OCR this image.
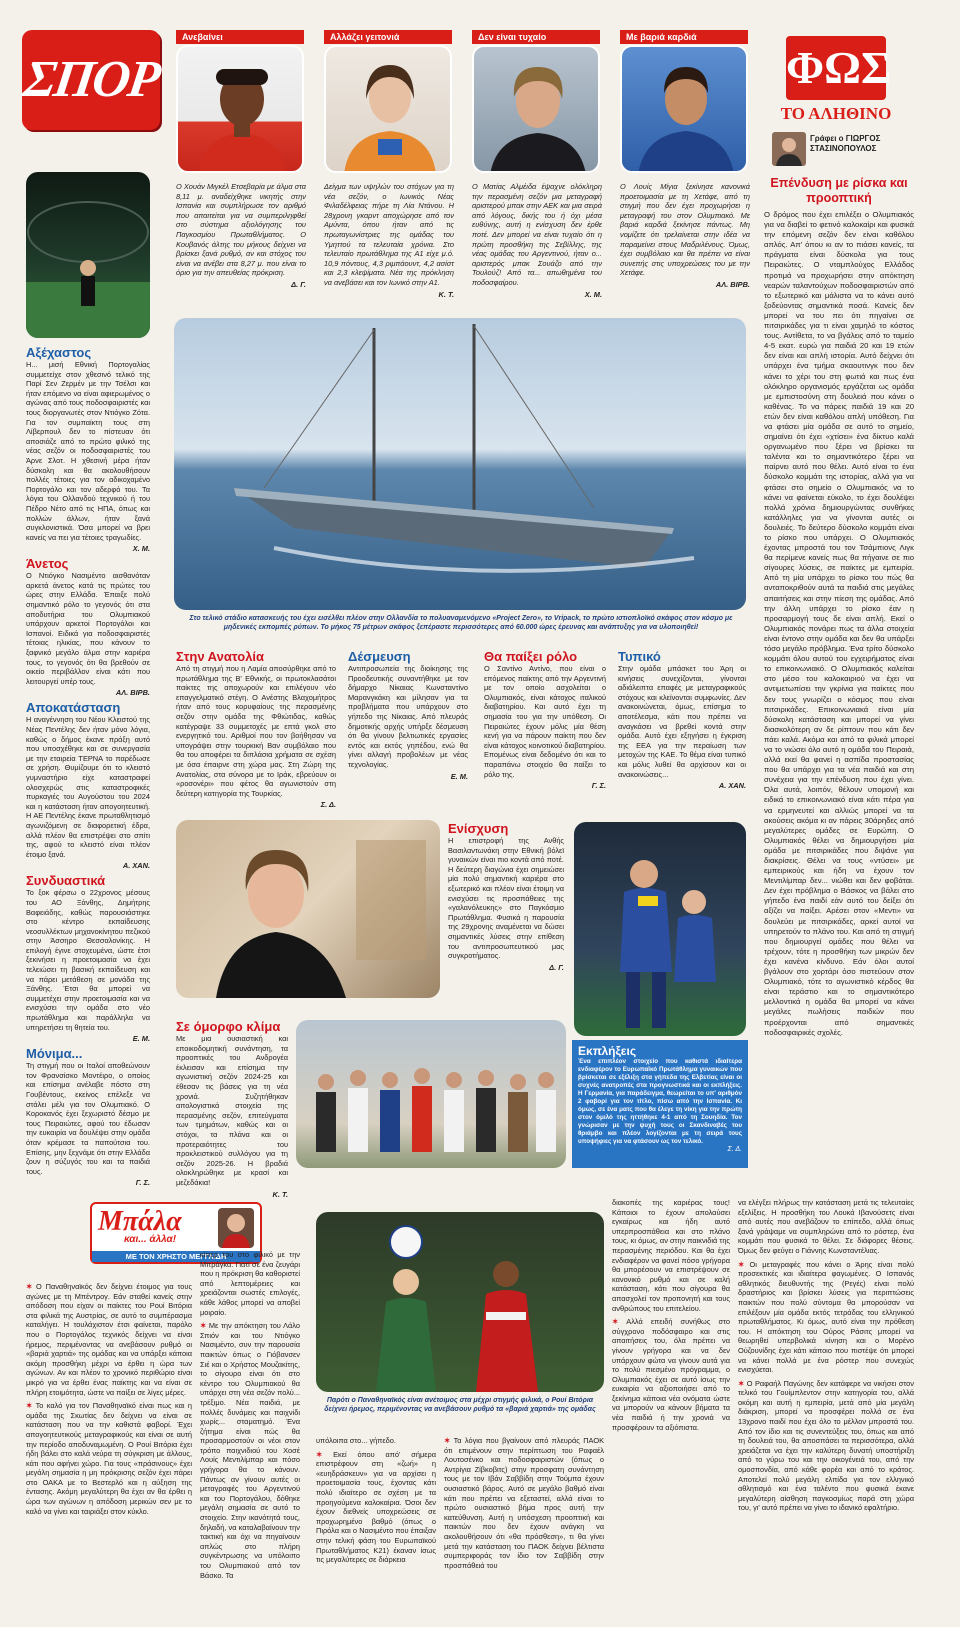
ΣΠΟΡ
Ανεβαίνει	Αλλάζει γειτονιά	Δεν είναι τυχαίο	Με βαριά καρδιά
ΦΩΣ
ΤΟ ΑΛΗΘΙΝΟ
Γράφει ο ΓΙΩΡΓΟΣ ΣΤΑΣΙΝΟΠΟΥΛΟΣ
Ο Χουάν Μιγκέλ Ετσεβαρία με άλμα στα 8,11 μ. αναδείχθηκε νικητής στην Ισπανία και συμπλήρωσε τον αριθμό που απαιτείται για να συμπεριληφθεί στο σύστημα αξιολόγησης του Παγκοσμίου Πρωταθλήματος. Ο Κουβανός άλτης του μήκους δείχνει να βρίσκει ξανά ρυθμό, αν και στόχος του είναι να ανέβει στα 8,27 μ. που είναι το όριο για την απευθείας πρόκριση.
Δ. Γ.
Δείγμα των υψηλών του στόχων για τη νέα σεζόν, ο Ιωνικός Νέας Φιλαδέλφειας πήρε τη Λία Ντάνου. Η 28χρονη γκαρντ αποχώρησε από τον Αμύντα, όπου ήταν από τις πρωταγωνίστριες της ομάδας του Υμηττού τα τελευταία χρόνια. Στο τελευταίο πρωτάθλημα της Α1 είχε μ.ό. 10,9 πόντους, 4,3 ριμπάουντ, 4,2 ασίστ και 2,3 κλεψίματα. Νέα της πρόκληση να ανεβάσει και τον Ιωνικό στην Α1.
Κ. Τ.
Ο Ματίας Αλμέιδα έψαχνε ολόκληρη την περασμένη σεζόν μια μεταγραφή αριστερού μπακ στην ΑΕΚ και μια σειρά από λόγους, δικής του ή όχι μέσα ευθύνης, αυτή η ενίσχυση δεν έρθε ποτέ. Δεν μπορεί να είναι τυχαίο ότι η πρώτη προσθήκη της Σεβίλλης, της νέας ομάδας του Αργεντινού, ήταν ο... αριστερός μπακ Σουάζο από την Τουλούζ! Από τα... απωθημένα του ποδοσφαίρου.
Χ. Μ.
Ο Λουίς Μίγια ξεκίνησε κανονικά προετοιμασία με τη Χετάφε, από τη στιγμή που δεν έχει προχωρήσει η μεταγραφή του στον Ολυμπιακό. Με βαριά καρδιά ξεκίνησε πάντως. Μη νομίζετε ότι τρελαίνεται στην ιδέα να παραμείνει στους Μαδριλένους. Όμως, έχει συμβόλαιο και θα πρέπει να είναι συνεπής στις υποχρεώσεις του με την Χετάφε.
ΑΛ. ΒΙΡΒ.
Αξέχαστος
Η... μισή Εθνική Πορτογαλίας συμμετείχε στον χθεσινό τελικό της Παρί Σεν Ζερμέν με την Τσέλσι και ήταν επόμενο να είναι αφιερωμένος ο αγώνας από τους ποδοσφαιριστές και τους διοργανωτές στον Ντιόγκο Ζότα. Για τον συμπαίκτη τους στη Λίβερπουλ δεν το πίστευαν ότι αποσιάζε από το πρώτο φιλικό της νέας σεζόν οι ποδοσφαιριστές του Άρνε Σλοτ. Η χθεσινή μέρα ήταν δύσκολη και θα ακολουθήσουν πολλές τέτοιες για τον αδικοχαμένο Πορτογάλο και τον αδερφό του. Τα λόγια του Ολλανδού τεχνικού ή του Πέδρο Νέτο από τις ΗΠΑ, όπως και πολλών άλλων, ήταν ξανά συγκλονιστικά. Όσα μπορεί να βρει κανείς να πει για τέτοιες τραγωδίες.
Χ. Μ.
Άνετος
Ο Ντιόγκο Νασιμέντο αισθανόταν αρκετά άνετος κατά τις πρώτες του ώρες στην Ελλάδα. Έπαιξε πολύ σημαντικό ρόλο το γεγονός ότι στα αποδυτήρια του Ολυμπιακού υπάρχουν αρκετοί Πορτογάλοι και Ισπανοί. Ειδικά για ποδοσφαιριστές τέτοιας ηλικίας, που κάνουν το ξαφνικό μεγάλο άλμα στην καριέρα τους, το γεγονός ότι θα βρεθούν σε οικείο περιβάλλον είναι κάτι που λειτουργεί υπέρ τους.
ΑΛ. ΒΙΡΒ.
Αποκατάσταση
Η αναγέννηση του Νέου Κλειστού της Νέας Πεντέλης δεν ήταν μόνο λόγια, καθώς ο δήμος έκανε πράξη αυτό που υποσχέθηκε και σε συνεργασία με την εταιρεία ΤΕΡΝΑ το παρέδωσε σε χρήση. Θυμίζουμε ότι το κλειστό γυμναστήριο είχε καταστραφεί ολοσχερώς στις καταστροφικές πυρκαγιές του Αυγούστου του 2024 και η κατάσταση ήταν απογοητευτική. Η ΑΕ Πεντέλης έκανε πρωταθλητισμό αγωνιζόμενη σε διαφορετική έδρα, αλλά πλέον θα επιστρέψει στο σπίτι της, αφού το κλειστό είναι πλέον έτοιμο ξανά.
Α. ΧΑΝ.
Συνδυαστικά
Το ξοκ φέρσω ο 22χρονος μέσους του ΑΟ Ξάνθης, Δημήτρης Βαφειάδης, καθώς παρουσιάστηκε στο κέντρο εκπαίδευσης νεοσυλλέκτων μηχανοκίνητου πεζικού στην Άσσηρο Θεσσαλονίκης. Η επιλογή έγινε στοχευμένα, ώστε έτσι ξεκινήσει η προετοιμασία να έχει τελειώσει τη βασική εκπαίδευση και να πάρει μετάθεση σε μονάδα της Ξάνθης. Έτσι θα μπορεί να συμμετέχει στην προετοιμασία και να ενισχύσει την ομάδα στο νέο πρωτάθλημα και παράλληλα να υπηρετήσει τη θητεία του.
Ε. Μ.
Μόνιμα...
Τη στιγμή που οι Ιταλοί αποθεώνουν τον Φρανσίσκο Μοντέιρο, ο οποίος και επίσημα ανέλαβε πόστο στη Γουβέντους, εκείνος επέλεξε να στάλει μέλι για τον Ολυμπιακό. Ο Κοροκανός έχει ξεχωριστό δέσμο με τους Πειραιώτες, αφού του έδωσαν την ευκαιρία να δουλέψει στην ομάδα όταν κρέμασε τα παπούτσια του. Επίσης, μην ξεχνάμε ότι στην Ελλάδα ζουν η σύζυγός του και τα παιδιά τους.
Γ. Σ.
Στο τελικό στάδιο κατασκευής του έχει εισέλθει πλέον στην Ολλανδία το πολυαναμενόμενο «Project Zero», το Vripack, το πρώτο ιστιοπλοϊκό σκάφος στον κόσμο με μηδενικές εκπομπές ρύπων. Το μήκος 75 μέτρων σκάφος ξεπέραστε περισσότερες από 60.000 ώρες έρευνας και ανάπτυξης για να υλοποιηθεί!
Στην Ανατολία
Από τη στιγμή που η Λαμία αποσύρθηκε από το πρωτάθλημα της Β' Εθνικής, οι πρωτοκλασάτοι παίκτες της αποχωρούν και επιλέγουν νέο επαγγελματικό στέγη. Ο Ανέστης Βλαχομήτρος ήταν από τους κορυφαίους της περασμένης σεζόν στην ομάδα της Φθιώτιδας, καθώς κατέγραψε 33 συμμετοχές με επτά γκολ στο ενεργητικό του. Αριθμοί που τον βοήθησαν να υπογράψει στην τουρκική Βαν συμβόλαιο που θα του αποφέρει τα διπλάσια χρήματα σε σχέση με όσα έπαιρνε στη χώρα μας. Στη Ζώρη της Ανατολίας, στα σύνορα με το Ιράκ, εβρεύουν οι «ροσονέρι» που φέτος θα αγωνιστούν στη δεύτερη κατηγορία της Τουρκίας.
Σ. Δ.
Δέσμευση
Αντιπροσωπεία της διοίκησης της Προοδευτικής συναντήθηκε με τον δήμαρχο Νίκαιας Κωνσταντίνο Μαρανγκάκη και μίλησαν για τα προβλήματα που υπάρχουν στο γήπεδο της Νίκαιας. Από πλευράς δημοτικής αρχής υπήρξε δέσμευση ότι θα γίνουν βελτιωτικές εργασίες εντός και εκτός γηπέδου, ενώ θα γίνει αλλαγή προβολέων με νέας τεχνολογίας.
Ε. Μ.
Θα παίξει ρόλο
Ο Σαντίνο Αντίνο, που είναι ο επόμενος παίκτης από την Αργεντινή με τον οποίο ασχολείται ο Ολυμπιακός, είναι κάτοχος ιταλικού διαβατηρίου. Και αυτό έχει τη σημασία του για την υπόθεση. Οι Πειραιώτες έχουν μόλις μία θέση κενή για να πάρουν παίκτη που δεν είναι κάτοχος κοινοτικού διαβατηρίου. Επομένως είναι δεδομένο ότι και το παραπάνω στοιχείο θα παίξει το ρόλο της.
Γ. Σ.
Τυπικό
Στην ομάδα μπάσκετ του Άρη οι κινήσεις συνεχίζονται, γίνονται αδιάλειπτα επαφές με μεταγραφικούς στόχους και κλείνονται συμφωνίες. Δεν ανακοινώνεται, όμως, επίσημα το αποτέλεσμα, κάτι που πρέπει να αναγκάσει να βρεθεί κοντά στην ομάδα. Αυτό έχει εξηγήσει η έγκριση της ΕΕΑ για την περαίωση των μετοχών της ΚΑΕ. Το θέμα είναι τυπικό και μόλις λυθεί θα αρχίσουν και οι ανακοινώσεις...
Α. ΧΑΝ.
Ενίσχυση
Η επιστροφή της Ανθής Βασιλαντωνάκη στην Εθνική βόλεϊ γυναικών είναι πιο κοντά από ποτέ. Η δεύτερη διαγώνια έχει σημειώσει μία πολύ σημαντική καριέρα στο εξωτερικό και πλέον είναι έτοιμη να ενισχύσει τις προσπάθειες της «γαλανόλευκης» στο Παγκόσμιο Πρωτάθλημα. Φυσικά η παρουσία της 29χρονης αναμένεται να δώσει σημαντικές λύσεις στην επίθεση του αντιπροσωπευτικού μας συγκροτήματος.
Δ. Γ.
Σε όμορφο κλίμα
Με μια ουσιαστική και εποικοδομητική συνάντηση, τα προοπτικές του Ανδρογέα έκλεισαν και επίσημα την αγωνιστική σεζόν 2024-25 και έθεσαν τις βάσεις για τη νέα χρονιά. Συζητήθηκαν απολογιστικά στοιχεία της περασμένης σεζόν, επιτεύγματα των τμημάτων, καθώς και οι στόχοι, τα πλάνα και οι προτεραιότητες του προκλειστικού συλλόγου για τη σεζόν 2025-26. Η βραδιά ολοκληρώθηκε με κρασί και μεζεδάκια!
Κ. Τ.
Εκπλήξεις
Ένα επιπλέον στοιχείο που καθιστά ιδιαίτερα ενδιαφέρον το Ευρωπαϊκό Πρωτάθλημα γυναικών που βρίσκεται σε εξέλιξη στα γήπεδα της Ελβετίας είναι οι συχνές ανατροπές στα προγνωστικά και οι εκπλήξεις. Η Γερμανία, για παράδειγμα, θεωρείται το υπ' αριθμόν 2 φαβορί για τον τίτλο, πίσω από την Ισπανία. Κι όμως, σε ένα ματς που θα έλεγε τη νίκη για την πρώτη στον όμιλό της ηττήθηκε 4-1 από τη Σουηδία. Τον γνώρισαν με την ψυχή τους οι Σκανδιναβές του θριάμβο και πλέον λογίζονται με τη σειρά τους υποψήφιες για να φτάσουν ως τον τελικό.
Σ. Δ.
Επένδυση με ρίσκα και προοπτική
Ο δρόμος που έχει επιλέξει ο Ολυμπιακός για να διαβεί το φετινό καλοκαίρι και φυσικά την επόμενη σεζόν δεν είναι καθόλου απλός. Απ' όπου κι αν το πιάσει κανείς, τα πράγματα είναι δύσκολα για τους Πειραιώτες. Ο νταμπλούχος Ελλάδος προτιμά να προχωρήσει στην απόκτηση νεαρών ταλαντούχων ποδοσφαιριστών από το εξωτερικό και μάλιστα να το κάνει αυτό ξοδεύοντας σημαντικά ποσά. Κανείς δεν μπορεί να του πει ότι πηγαίνει σε πιτσιρικάδες για τι είναι χαμηλό το κόστος τους. Αντίθετα, το να βγάλεις από το ταμείο 4-5 εκατ. ευρώ για παιδιά 20 και 19 ετών δεν είναι και απλή ιστορία. Αυτό δείχνει ότι υπάρχει ένα τμήμα σκαουτινγκ που δεν κάνει το χέρι του στη φωτιά και πως ένα ολόκληρο οργανισμός εργάζεται ως ομάδα με εμπιστοσύνη στη δουλειά που κάνει ο καθένας. Το να πάρεις παιδιά 19 και 20 ετών δεν είναι καθόλου απλή υπόθεση. Για να φτάσει μία ομάδα σε αυτό το σημείο, σημαίνει ότι έχει «χτίσει» ένα δίκτυο καλά οργανωμένο που ξέρει να βρίσκει τα ταλέντα και το σημαντικότερο ξέρει να παίρνει αυτό που θέλει. Αυτό είναι το ένα δύσκολο κομμάτι της ιστορίας, αλλά για να φτάσει στο σημείο ο Ολυμπιακός να το κάνει να φαίνεται εύκολο, το έχει δουλέψει πολλά χρόνια δημιουργώντας συνθήκες κατάλληλες για να γίνονται αυτές οι δουλειές. Το δεύτερο δύσκολο κομμάτι είναι το ρίσκο που υπάρχει. Ο Ολυμπιακός έχοντας μπροστά του τον Τσάμπιονς Λιγκ θα περίμενε κανείς πως θα πήγαινε σε πιο σίγουρες λύσεις, σε παίκτες με εμπειρία. Από τη μία υπάρχει το ρίσκο του πώς θα ανταποκριθούν αυτά τα παιδιά στις μεγάλες απαιτήσεις και στην πίεση της ομάδας. Από την άλλη υπάρχει το ρίσκο έαν η προσαρμογή τους δε είναι απλή. Εκεί ο Ολυμπιακός πονάρει πως τα άλλα στοιχεία είναι έντονο στην ομάδα και δεν θα υπάρξει τόσο μεγάλο πρόβλημα. Ένα τρίτο δύσκολο κομμάτι όλου αυτού του εγχειρήματος είναι το επικοινωνιακό. Ο Ολυμπιακός καλείται στο μέσο του καλοκαιριού να έχει να αντιμετωπίσει την γκρίνια για παίκτες που δεν τους γνωρίζει ο κόσμος που είναι πιτσιρικάδες. Επικοινωνιακά είναι μία δύσκολη κατάσταση και μπορεί να γίνει διασκολότερη αν δε ρίπτουν που κάτι δεν πάει καλά. Ακόμα και από τα φιλικά μπορεί να το νιώσει όλο αυτό η ομάδα του Πειραιά, αλλά εκεί θα φανεί η ασπίδα προστασίας που θα υπάρχει για τα νέα παιδιά και στη συνέχεια για την επένδυση που έχει γίνει. Όλα αυτά, λοιπόν, θέλουν υπομονή και ειδικά το επικοινωνιακό είναι κάτι πέρα για να ερμηνευτεί και αλλιώς μπορεί να τα ακούσεις ακόμα κι αν πάρεις 30άρηδες από μεγαλύτερες ομάδες σε Ευρώπη. Ο Ολυμπιακός θέλει να δημιουργήσει μία ομάδα με πιτσιρικάδες που διψάνε για διακρίσεις. Θέλει να τους «ντύσει» με εμπειρικούς και ήδη να έχουν τον Μεντιλίμπαρ δεν... νιώθει και δεν φοβάται. Δεν έχει πρόβλημα ο Βάσκος να βάλει στο γήπεδο ένα παιδί εάν αυτό του δείξει ότι αξίζει να παίξει. Αρέσει στον «Μεντι» να δουλεύει με πιτσιρικάδες, αρκεί αυτοί να υπηρετούν το πλάνο του. Και από τη στιγμή που δημιουργεί ομάδες που θέλει να τρέχουν, τότε η προσθήκη των μικρών δεν έχει κανένα κίνδυνο. Εάν όλοι αυτοί βγάλουν στο χορτάρι όσο πιστεύουν στον Ολυμπιακό, τότε το αγωνιστικό κέρδος θα είναι τεράστιο και το σημαντικότερο μελλοντικά η ομάδα θα μπορεί να κάνει μεγάλες πωλήσεις παιδιών που προέρχονται από σημαντικές ποδοσφαιρικές σχολές.
Μπάλα
και... άλλα!
ΜΕ ΤΟΝ ΧΡΗΣΤΟ ΜΕΓΓΛΙΔΗ
✶ Ο Παναθηναϊκός δεν δείχνει έτοιμος για τους αγώνες με τη Μπέντρογ. Εάν σταθεί κανείς στην απόδοση που είχαν οι παίκτες του Ρουί Βιτόρια στα φιλικά της Αυστρίας, σε αυτό το συμπέρασμα καταλήγει. Η τουλάχιστον έτσι φαίνεται, παρόλο που ο Πορτογάλος τεχνικός δείχνει να είναι ήρεμος, περιμένοντας να ανεβάσουν ρυθμό οι «βαριά χαρτιά» της ομάδας και να υπάρξει κάποια ακόμη προσθήκη μέχρι να έρθει η ώρα των αγώνων. Αν και πλέον το χρονικό περιθώριο είναι μικρό για να έρθει ένας παίκτης και να είναι σε πλήρη ετοιμότητα, ώστε να παίξει σε λίγες μέρες.
✶ Το καλό για τον Παναθηναϊκό είναι πως και η ομάδα της Σκωτίας δεν δείχνει να είναι σε κατάσταση που να την καθιστά φαβορί. Έχει απογοητευτικούς μεταγραφικούς και είναι σε αυτή την περίοδο αποδυναμωμένη. Ο Ρουί Βιτόρια έχει ήδη βάλει στο καλά νεύρα τη σύγκριση με άλλους, κάτι που αφήνει χώρο. Για τους «πράσινους» έχει μεγάλη σημασία η μη πρόκρισης σεζόν έχει πάρει στο ΟΑΚΑ με το Βεστερλό και η αύξηση της έντασης. Ακόμη μεγαλύτερη θα έχει αν θα έρθει η ώρα των αγώνων η απόδοση μερικών σεν με το καλό να γίνει και ταιριάξει στον κύκλο.
κίπερ του στο φιλικό με την Μπράγκα. Γιατί σε ένα ζευγάρι που η πρόκριση θα καθοριστεί από λεπτομέρειες και χρειάζονται σωστές επιλογές, κάθε λάθος μπορεί να αποβεί μοιραίο.
✶ Με την απόκτηση του Λάλο Σπιόν και του Ντιόγκο Νασιμέντο, συν την παρουσία παικτών όπως ο Γιόβανσεν Σιέ και ο Χρήστος Μουζακίτης, το σίγουρο είναι ότι στο κέντρο του Ολυμπιακού θα υπάρχει στη νέα σεζόν πολύ... τρέξιμο. Νέα παιδιά, με πολλές δυνάμεις και παιχνίδι χωρίς... σταματημό. Ένα ζήτημα είναι πώς θα προσαρμοστούν οι νέοι στον τρόπο παιχνιδιού του Χοσέ Λουίς Μεντιλίμπαρ και πόσο γρήγορα θα το κάνουν. Πάντως αν γίνουν αυτές οι μεταγραφές του Αργεντινού και του Πορτογάλου, δόθηκε μεγάλη σημασία σε αυτό το στοιχείο. Στην ικανότητά τους, δηλαδή, να καταλαβαίνουν την τακτική και όχι να πηγαίνουν απλώς στο πλήρη συγκέντρωσης να υπόλοιπο του Ολυμπιακού από τον Βάσκο. Τα
Παρότι ο Παναθηναϊκός είναι ανέτοιμος στα μέχρι στιγμής φιλικά, ο Ρουί Βιτόρια δείχνει ήρεμος, περιμένοντας να ανεβάσουν ρυθμό τα «βαριά χαρτιά» της ομάδας
υπόλοιπα στο... γήπεδο.
✶ Εκεί όπου από' σήμερα επιστρέφουν στη «ζωή» η «ευηδράσκευν» για να αρχίσει η προετοιμασία τους, έχοντας κάτι πολύ ιδιαίτερο σε σχέση με τα προηγούμενα καλοκαίρια. Όσοι δεν έχουν διεθνείς υποχρεώσεις σε προχωρημένο βαθμό (όπως ο Πιρόλα και ο Νασιμέντο που έπαιξαν στην τελική φάση του Ευρωπαϊκού Πρωταθλήματος Κ21) έκαναν ίσως τις μεγαλύτερες σε διάρκεια
διακοπές της καριέρας τους! Κάποιοι το έχουν απολαύσει εγκαίρως και ήδη αυτό υπερπροσπάθεια και στο πλάνο τους, κι όμως, αν στην παικνιδιά της περασμένης περιόδου. Και θα έχει ενδιαφέρον να φανεί πόσο γρήγορα θα μπορέσουν να επιστρέψουν σε κανονικό ρυθμό και σε καλή κατάσταση, κάτι που σίγουρα θα απασχολεί τον προπονητή και τους ανθρώπους του επιτελείου.
✶ Αλλά επειδή συνήθως στο σύγχρονο ποδόσφαιρο και στις απαιτήσεις του, όλα πρέπει να γίνουν γρήγορα και να δεν υπάρχουν φώτα να γίνουν αυτά για το πολύ πιεσμένο πρόγραμμα, ο Ολυμπιακός έχει σε αυτό ίσως την ευκαιρία να αξιοποιήσει από το ξεκίνημα κάποια νέα ονόματα ώστε να μπορούν να κάνουν βήματα τα νέα παιδιά ή την χρονιά να προσφέρουν τα αξιόπιστα.
✶ Τα λόγια που βγαίνουν από πλευράς ΠΑΟΚ ότι επιμένουν στην περίπτωση του Ραφαέλ Λουτοσένκο και ποδοσφαιριστών (όπως ο Αντρίγια Ζίβκοβιτς) στην προσφατη συνάντηση τους με τον Ιβάν Σαββίδη στην Τούμπα έχουν ουσιαστικό βάρος. Αυτό σε μεγάλο βαθμό είναι κάτι που πρέπει να εξεταστεί, αλλά είναι το πρώτο ουσιαστικό βήμα προς αυτή την κατεύθυνση. Αυτή η υπόσχεση προοπτική και παικτών που δεν έχουν ανάγκη να ακολουθήσουν ότι «θα πρόσθεση», τι θα γίνει μετά την κατάσταση του ΠΑΟΚ δείχνει βέλτιστα συμπεριφοράς τον ίδιο τον Σαββίδη στην προσπάθειά του
να ελέγξει πλήρως την κατάσταση μετά τις τελευταίες εξελίξεις. Η προσθήκη του Λουκά Ιβανούσετς είναι από αυτές που ανεβάζουν το επίπεδο, αλλά όπως ξανά γράψαμε να συμπληρώνει από το ρόστερ, ένα κομμάτι που φυσικά το θέλει. Σε διάφορες θέσεις. Όμως δεν φεύγει ο Γιάννης Κωνσταντέλιας.
✶ Οι μεταγραφές που κάνει ο Άρης είναι πολύ προσεκτικές και ιδιαίτερα φαγωμένες. Ο Ισπανός αθλητικός διευθυντής της (Ρεγές) είναι πολύ δραστήριος και βρίσκει λύσεις για περιπτώσεις παικτών που πολύ σύντομα θα μπορούσαν να επιλέξουν μία ομάδα εκτός τετράδας του ελληνικού πρωταθλήματος. Κι όμως, αυτό είναι την πρόθεση του. Η απόκτηση του Ούρος Ράσιτς μπορεί να θεωρηθεί υπερβολικά κίνηση και ο Μορένο Ούζουνίδης έχει κάτι κάποιο που πιστέψε ότι μπορεί να κάνει πολλά με ένα ρόστερ που συνεχώς ενισχύεται.
✶ Ο Ραφαήλ Παγώνης δεν κατάφερε να νικήσει στον τελικό του Γουίμπλεντον στην κατηγορία του, αλλά οκόμη και αυτή η εμπειρία, μετά από μία μεγάλη διάκριση, μπορεί να προσφέρει πολλά σε ένα 13χρονο παιδί που έχει όλο το μέλλον μπροστά του. Από τον ίδιο και τις συνεντεύξεις του, όπως και από τη δουλειά του, θα αποσπάσει τα περισσότερα, αλλά χρειάζεται να έχει την καλύτερη δυνατή υποστήριξη από το γύρω του και την οικογένειά του, από την ομοσπονδία, από κάθε φορέα και από το κράτος. Αποτελεί πολύ μεγάλη ελπίδα για τον ελληνικό αθλητισμό και ένα ταλέντο που φυσικά έκανε μεγαλύτερη αίσθηση παγκοσμίως παρά στη χώρα του, γι' αυτό πρέπει να γίνει το ιδανικό εφαλτήριο.
